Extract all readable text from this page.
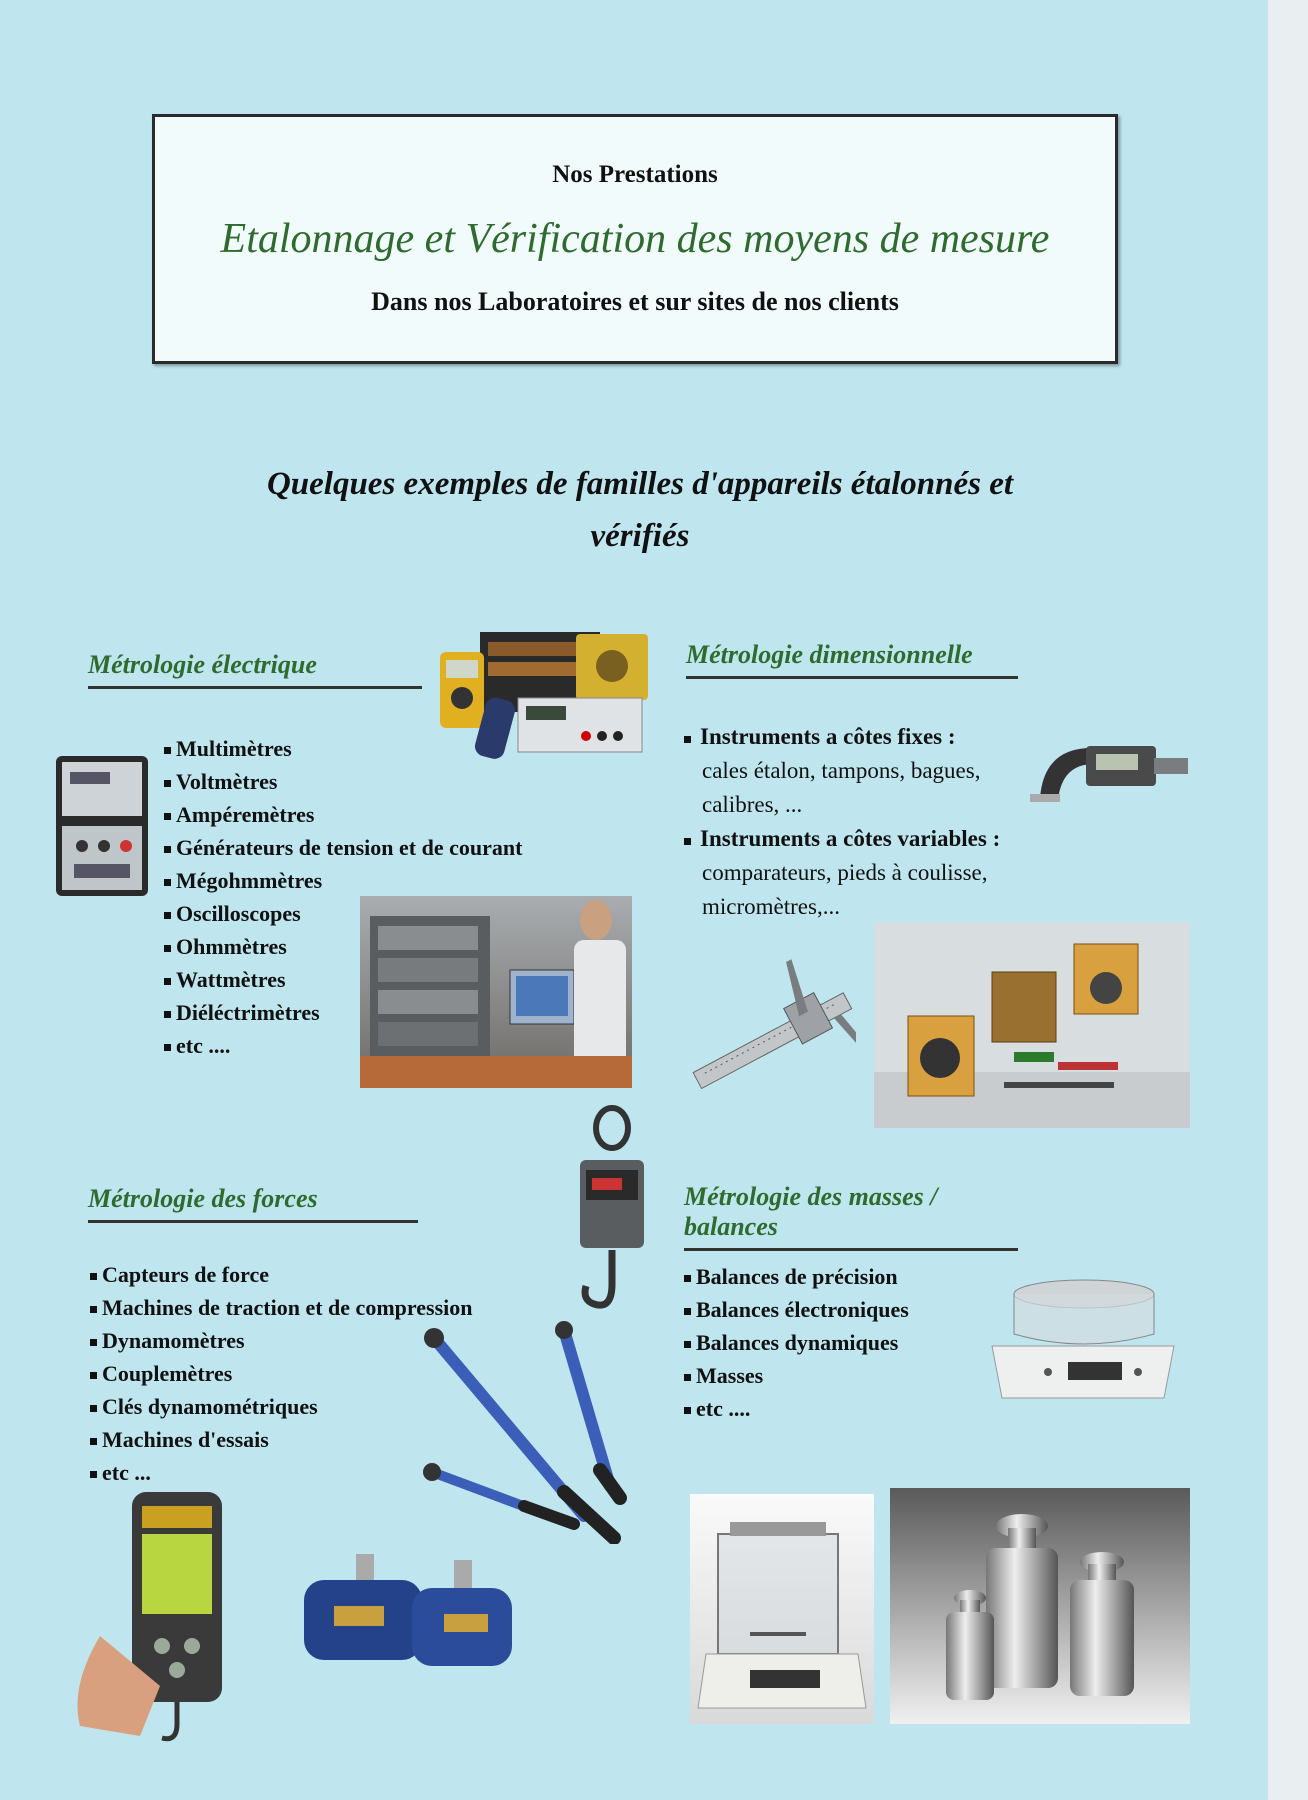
Nos Prestations
Etalonnage et Vérification des moyens de mesure
Dans nos Laboratoires et sur sites de nos clients
Quelques exemples de familles d'appareils étalonnés et
vérifiés
Métrologie électrique
Multimètres
Voltmètres
Ampéremètres
Générateurs de tension et de courant
Mégohmmètres
Oscilloscopes
Ohmmètres
Wattmètres
Diéléctrimètres
etc ....
Métrologie dimensionnelle
Instruments a côtes fixes :
cales étalon, tampons, bagues,
calibres, ...
Instruments a côtes variables :
comparateurs, pieds à coulisse,
micromètres,...
Métrologie des forces
Capteurs de force
Machines de traction et de compression
Dynamomètres
Couplemètres
Clés dynamométriques
Machines d'essais
etc ...
Métrologie des masses / balances
Balances de précision
Balances électroniques
Balances dynamiques
Masses
etc ....
